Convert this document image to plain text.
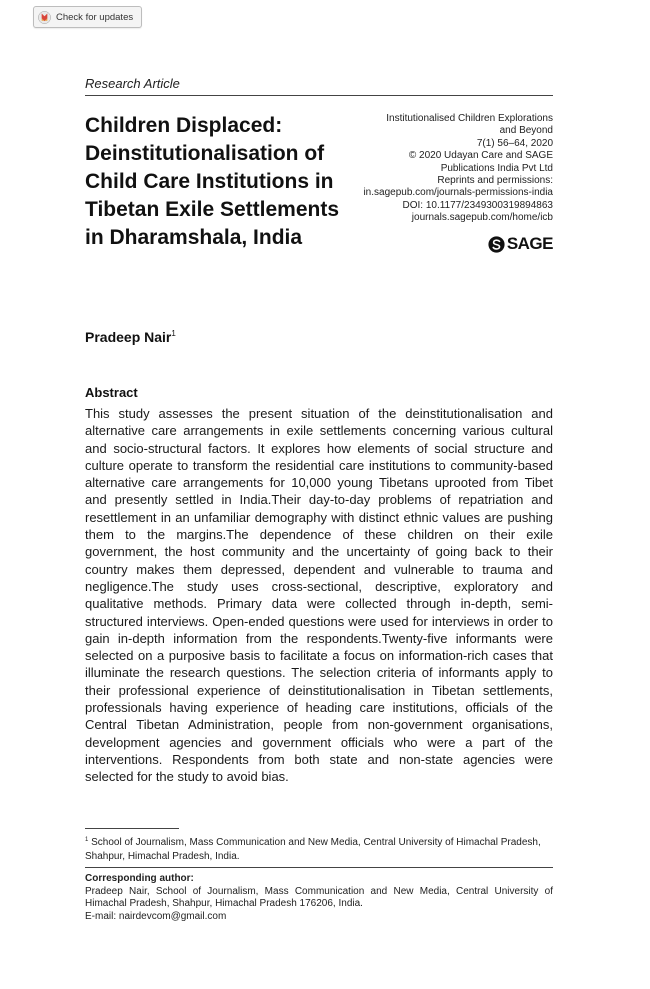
Check for updates
Research Article
Children Displaced: Deinstitutionalisation of Child Care Institutions in Tibetan Exile Settlements in Dharamshala, India
Institutionalised Children Explorations
and Beyond
7(1) 56–64, 2020
© 2020 Udayan Care and SAGE
Publications India Pvt Ltd
Reprints and permissions:
in.sagepub.com/journals-permissions-india
DOI: 10.1177/2349300319894863
journals.sagepub.com/home/icb
SAGE
Pradeep Nair$^1$
Abstract

This study assesses the present situation of the deinstitutionalisation and alternative care arrangements in exile settlements concerning various cultural and socio-structural factors. It explores how elements of social structure and culture operate to transform the residential care institutions to community-based alternative care arrangements for 10,000 young Tibetans uprooted from Tibet and presently settled in India.Their day-to-day problems of repatriation and resettlement in an unfamiliar demography with distinct ethnic values are pushing them to the margins.The dependence of these children on their exile government, the host community and the uncertainty of going back to their country makes them depressed, dependent and vulnerable to trauma and negligence.The study uses cross-sectional, descriptive, exploratory and qualitative methods. Primary data were collected through in-depth, semi-structured interviews. Open-ended questions were used for interviews in order to gain in-depth information from the respondents.Twenty-five informants were selected on a purposive basis to facilitate a focus on information-rich cases that illuminate the research questions. The selection criteria of informants apply to their professional experience of deinstitutionalisation in Tibetan settlements, professionals having experience of heading care institutions, officials of the Central Tibetan Administration, people from non-government organisations, development agencies and government officials who were a part of the interventions. Respondents from both state and non-state agencies were selected for the study to avoid bias.

$^1$ School of Journalism, Mass Communication and New Media, Central University of Himachal Pradesh, Shahpur, Himachal Pradesh, India.
Corresponding author:
Pradeep Nair, School of Journalism, Mass Communication and New Media, Central University of Himachal Pradesh, Shahpur, Himachal Pradesh 176206, India.
E-mail: nairdevcom@gmail.com
